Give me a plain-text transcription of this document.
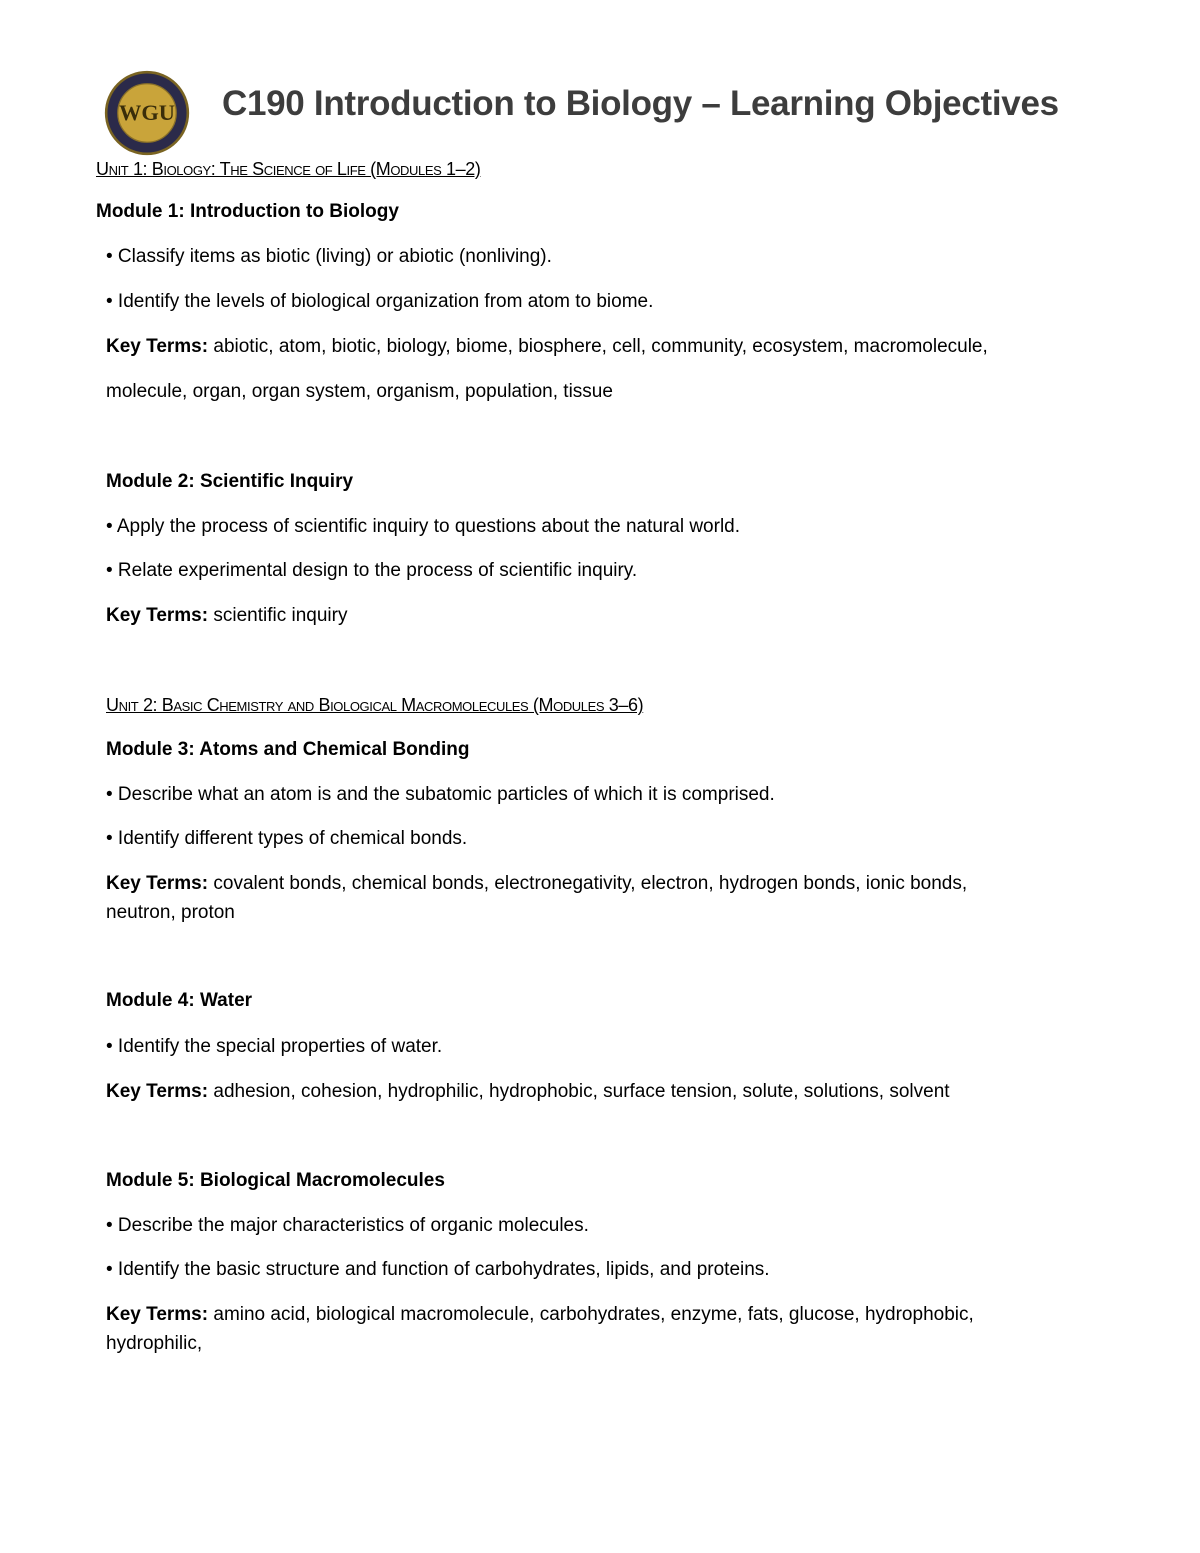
WGU C190 Introduction to Biology – Learning Objectives
Unit 1: Biology: The Science of Life (Modules 1–2)
Module 1: Introduction to Biology
• Classify items as biotic (living) or abiotic (nonliving).
• Identify the levels of biological organization from atom to biome.
Key Terms: abiotic, atom, biotic, biology, biome, biosphere, cell, community, ecosystem, macromolecule,
molecule, organ, organ system, organism, population, tissue
Module 2: Scientific Inquiry
• Apply the process of scientific inquiry to questions about the natural world.
• Relate experimental design to the process of scientific inquiry.
Key Terms: scientific inquiry
Unit 2: Basic Chemistry and Biological Macromolecules (Modules 3–6)
Module 3: Atoms and Chemical Bonding
• Describe what an atom is and the subatomic particles of which it is comprised.
• Identify different types of chemical bonds.
Key Terms: covalent bonds, chemical bonds, electronegativity, electron, hydrogen bonds, ionic bonds,
neutron, proton
Module 4: Water
• Identify the special properties of water.
Key Terms: adhesion, cohesion, hydrophilic, hydrophobic, surface tension, solute, solutions, solvent
Module 5: Biological Macromolecules
• Describe the major characteristics of organic molecules.
• Identify the basic structure and function of carbohydrates, lipids, and proteins.
Key Terms: amino acid, biological macromolecule, carbohydrates, enzyme, fats, glucose, hydrophobic,
hydrophilic,
